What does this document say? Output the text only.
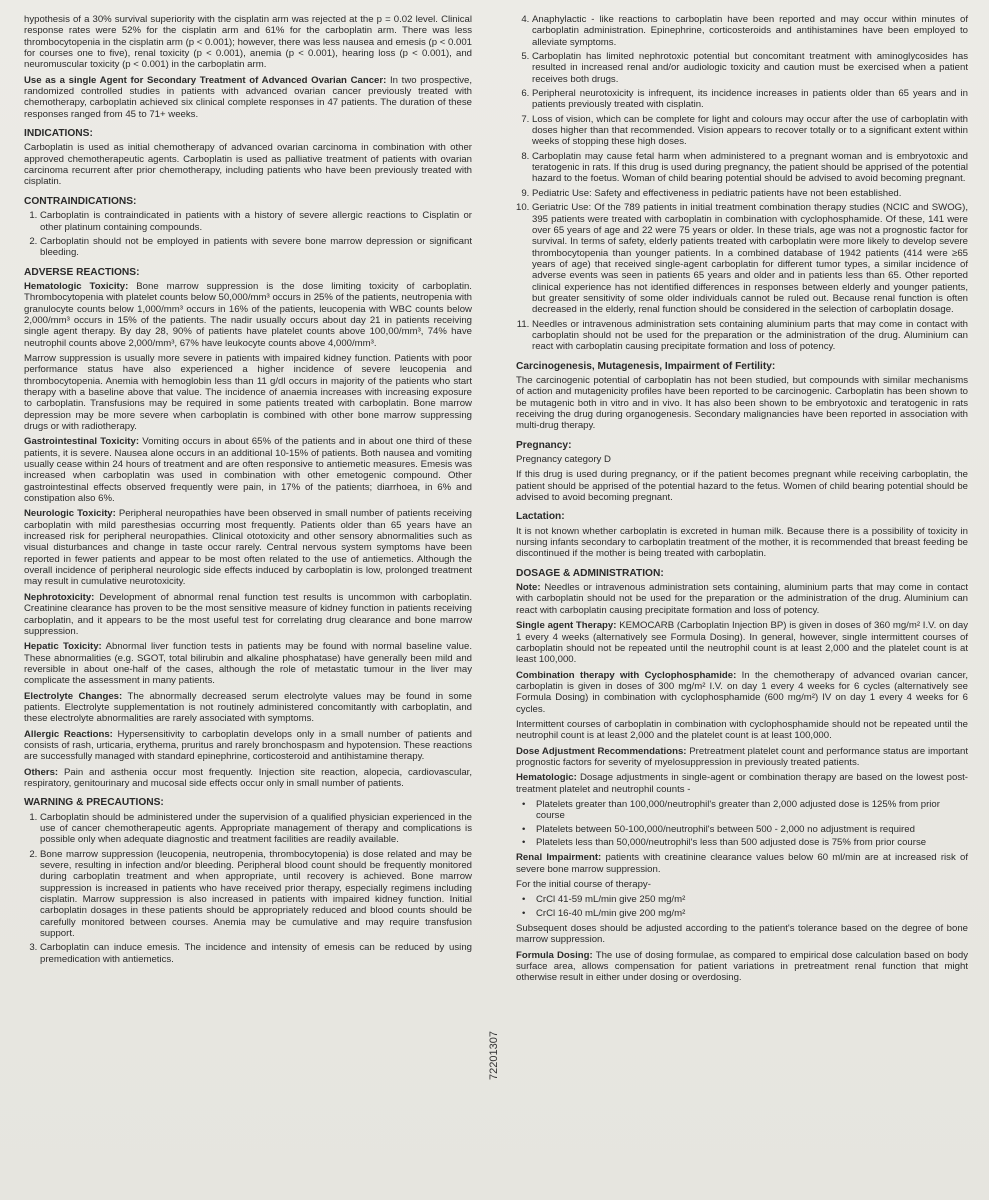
hypothesis of a 30% survival superiority with the cisplatin arm was rejected at the p = 0.02 level. Clinical response rates were 52% for the cisplatin arm and 61% for the carboplatin arm. There was less thrombocytopenia in the cisplatin arm (p < 0.001); however, there was less nausea and emesis (p < 0.001 for courses one to five), renal toxicity (p < 0.001), anemia (p < 0.001), hearing loss (p < 0.001), and neuromuscular toxicity (p < 0.001) in the carboplatin arm.

Use as a single Agent for Secondary Treatment of Advanced Ovarian Cancer: In two prospective, randomized controlled studies in patients with advanced ovarian cancer previously treated with chemotherapy, carboplatin achieved six clinical complete responses in 47 patients. The duration of these responses ranged from 45 to 71+ weeks.

INDICATIONS:

Carboplatin is used as initial chemotherapy of advanced ovarian carcinoma in combination with other approved chemotherapeutic agents. Carboplatin is used as palliative treatment of patients with ovarian carcinoma recurrent after prior chemotherapy, including patients who have been previously treated with cisplatin.

CONTRAINDICATIONS:
1. Carboplatin is contraindicated in patients with a history of severe allergic reactions to Cisplatin or other platinum containing compounds.
2. Carboplatin should not be employed in patients with severe bone marrow depression or significant bleeding.
ADVERSE REACTIONS:

Hematologic Toxicity: Bone marrow suppression is the dose limiting toxicity of carboplatin. Thrombocytopenia with platelet counts below 50,000/mm³ occurs in 25% of the patients, neutropenia with granulocyte counts below 1,000/mm³ occurs in 16% of the patients, leucopenia with WBC counts below 2,000/mm³ occurs in 15% of the patients. The nadir usually occurs about day 21 in patients receiving single agent therapy. By day 28, 90% of patients have platelet counts above 100,00/mm³, 74% have neutrophil counts above 2,000/mm³, 67% have leukocyte counts above 4,000/mm³.

Marrow suppression is usually more severe in patients with impaired kidney function. Patients with poor performance status have also experienced a higher incidence of severe leucopenia and thrombocytopenia. Anemia with hemoglobin less than 11 g/dl occurs in majority of the patients who start therapy with a baseline above that value. The incidence of anaemia increases with increasing exposure to carboplatin. Transfusions may be required in some patients treated with carboplatin. Bone marrow depression may be more severe when carboplatin is combined with other bone marrow suppressing drugs or with radiotherapy.

Gastrointestinal Toxicity: Vomiting occurs in about 65% of the patients and in about one third of these patients, it is severe. Nausea alone occurs in an additional 10-15% of patients. Both nausea and vomiting usually cease within 24 hours of treatment and are often responsive to antiemetic measures. Emesis was increased when carboplatin was used in combination with other emetogenic compound. Other gastrointestinal effects observed frequently were pain, in 17% of the patients; diarrhoea, in 6% and constipation also 6%.

Neurologic Toxicity: Peripheral neuropathies have been observed in small number of patients receiving carboplatin with mild paresthesias occurring most frequently. Patients older than 65 years have an increased risk for peripheral neuropathies. Clinical ototoxicity and other sensory abnormalities such as visual disturbances and change in taste occur rarely. Central nervous system symptoms have been reported in fewer patients and appear to be most often related to the use of antiemetics. Although the overall incidence of peripheral neurologic side effects induced by carboplatin is low, prolonged treatment may result in cumulative neurotoxicity.

Nephrotoxicity: Development of abnormal renal function test results is uncommon with carboplatin. Creatinine clearance has proven to be the most sensitive measure of kidney function in patients receiving carboplatin, and it appears to be the most useful test for correlating drug clearance and bone marrow suppression.

Hepatic Toxicity: Abnormal liver function tests in patients may be found with normal baseline value. These abnormalities (e.g. SGOT, total bilirubin and alkaline phosphatase) have generally been mild and reversible in about one-half of the cases, although the role of metastatic tumour in the liver may complicate the assessment in many patients.

Electrolyte Changes: The abnormally decreased serum electrolyte values may be found in some patients. Electrolyte supplementation is not routinely administered concomitantly with carboplatin, and these electrolyte abnormalities are rarely associated with symptoms.

Allergic Reactions: Hypersensitivity to carboplatin develops only in a small number of patients and consists of rash, urticaria, erythema, pruritus and rarely bronchospasm and hypotension. These reactions are successfully managed with standard epinephrine, corticosteroid and antihistamine therapy.

Others: Pain and asthenia occur most frequently. Injection site reaction, alopecia, cardiovascular, respiratory, genitourinary and mucosal side effects occur only in small number of patients.

WARNING & PRECAUTIONS:
1. Carboplatin should be administered under the supervision of a qualified physician experienced in the use of cancer chemotherapeutic agents. Appropriate management of therapy and complications is possible only when adequate diagnostic and treatment facilities are readily available.
2. Bone marrow suppression (leucopenia, neutropenia, thrombocytopenia) is dose related and may be severe, resulting in infection and/or bleeding. Peripheral blood count should be frequently monitored during carboplatin treatment and when appropriate, until recovery is achieved. Bone marrow suppression is increased in patients who have received prior therapy, especially regimens including cisplatin. Marrow suppression is also increased in patients with impaired kidney function. Initial carboplatin dosages in these patients should be appropriately reduced and blood counts should be carefully monitored between courses. Anemia may be cumulative and may require transfusion support.
3. Carboplatin can induce emesis. The incidence and intensity of emesis can be reduced by using premedication with antiemetics.
72201307
4. Anaphylactic - like reactions to carboplatin have been reported and may occur within minutes of carboplatin administration. Epinephrine, corticosteroids and antihistamines have been employed to alleviate symptoms.
5. Carboplatin has limited nephrotoxic potential but concomitant treatment with aminoglycosides has resulted in increased renal and/or audiologic toxicity and caution must be exercised when a patient receives both drugs.
6. Peripheral neurotoxicity is infrequent, its incidence increases in patients older than 65 years and in patients previously treated with cisplatin.
7. Loss of vision, which can be complete for light and colours may occur after the use of carboplatin with doses higher than that recommended. Vision appears to recover totally or to a significant extent within weeks of stopping these high doses.
8. Carboplatin may cause fetal harm when administered to a pregnant woman and is embryotoxic and teratogenic in rats. If this drug is used during pregnancy, the patient should be apprised of the potential hazard to the foetus. Woman of child bearing potential should be advised to avoid becoming pregnant.
9. Pediatric Use: Safety and effectiveness in pediatric patients have not been established.
10. Geriatric Use: Of the 789 patients in initial treatment combination therapy studies (NCIC and SWOG), 395 patients were treated with carboplatin in combination with cyclophosphamide. Of these, 141 were over 65 years of age and 22 were 75 years or older. In these trials, age was not a prognostic factor for survival. In terms of safety, elderly patients treated with carboplatin were more likely to develop severe thrombocytopenia than younger patients. In a combined database of 1942 patients (414 were ≥65 years of age) that received single-agent carboplatin for different tumor types, a similar incidence of adverse events was seen in patients 65 years and older and in patients less than 65. Other reported clinical experience has not identified differences in responses between elderly and younger patients, but greater sensitivity of some older individuals cannot be ruled out. Because renal function is often decreased in the elderly, renal function should be considered in the selection of carboplatin dosage.
11. Needles or intravenous administration sets containing aluminium parts that may come in contact with carboplatin should not be used for the preparation or the administration of the drug. Aluminium can react with carboplatin causing precipitate formation and loss of potency.
Carcinogenesis, Mutagenesis, Impairment of Fertility:

The carcinogenic potential of carboplatin has not been studied, but compounds with similar mechanisms of action and mutagenicity profiles have been reported to be carcinogenic. Carboplatin has been shown to be mutagenic both in vitro and in vivo. It has also been shown to be embryotoxic and teratogenic in rats receiving the drug during organogenesis. Secondary malignancies have been reported in association with multi-drug therapy.

Pregnancy:

Pregnancy category D

If this drug is used during pregnancy, or if the patient becomes pregnant while receiving carboplatin, the patient should be apprised of the potential hazard to the fetus. Women of child bearing potential should be advised to avoid becoming pregnant.

Lactation:

It is not known whether carboplatin is excreted in human milk. Because there is a possibility of toxicity in nursing infants secondary to carboplatin treatment of the mother, it is recommended that breast feeding be discontinued if the mother is being treated with carboplatin.

DOSAGE & ADMINISTRATION:

Note: Needles or intravenous administration sets containing, aluminium parts that may come in contact with carboplatin should not be used for the preparation or the administration of the drug. Aluminium can react with carboplatin causing precipitate formation and loss of potency.

Single agent Therapy: KEMOCARB (Carboplatin Injection BP) is given in doses of 360 mg/m² I.V. on day 1 every 4 weeks (alternatively see Formula Dosing). In general, however, single intermittent courses of carboplatin should not be repeated until the neutrophil count is at least 2,000 and the platelet count is at least 100,000.

Combination therapy with Cyclophosphamide: In the chemotherapy of advanced ovarian cancer, carboplatin is given in doses of 300 mg/m² I.V. on day 1 every 4 weeks for 6 cycles (alternatively see Formula Dosing) in combination with cyclophosphamide (600 mg/m²) IV on day 1 every 4 weeks for 6 cycles.

Intermittent courses of carboplatin in combination with cyclophosphamide should not be repeated until the neutrophil count is at least 2,000 and the platelet count is at least 100,000.

Dose Adjustment Recommendations: Pretreatment platelet count and performance status are important prognostic factors for severity of myelosuppression in previously treated patients.

Hematologic: Dosage adjustments in single-agent or combination therapy are based on the lowest post-treatment platelet and neutrophil counts -

• Platelets greater than 100,000/neutrophil's greater than 2,000 adjusted dose is 125% from prior course
• Platelets between 50-100,000/neutrophil's between 500 - 2,000 no adjustment is required
• Platelets less than 50,000/neutrophil's less than 500 adjusted dose is 75% from prior course

Renal Impairment: patients with creatinine clearance values below 60 ml/min are at increased risk of severe bone marrow suppression.

For the initial course of therapy-

• CrCl 41-59 mL/min give 250 mg/m²
• CrCl 16-40 mL/min give 200 mg/m²

Subsequent doses should be adjusted according to the patient's tolerance based on the degree of bone marrow suppression.

Formula Dosing: The use of dosing formulae, as compared to empirical dose calculation based on body surface area, allows compensation for patient variations in pretreatment renal function that might otherwise result in either under dosing or overdosing.
